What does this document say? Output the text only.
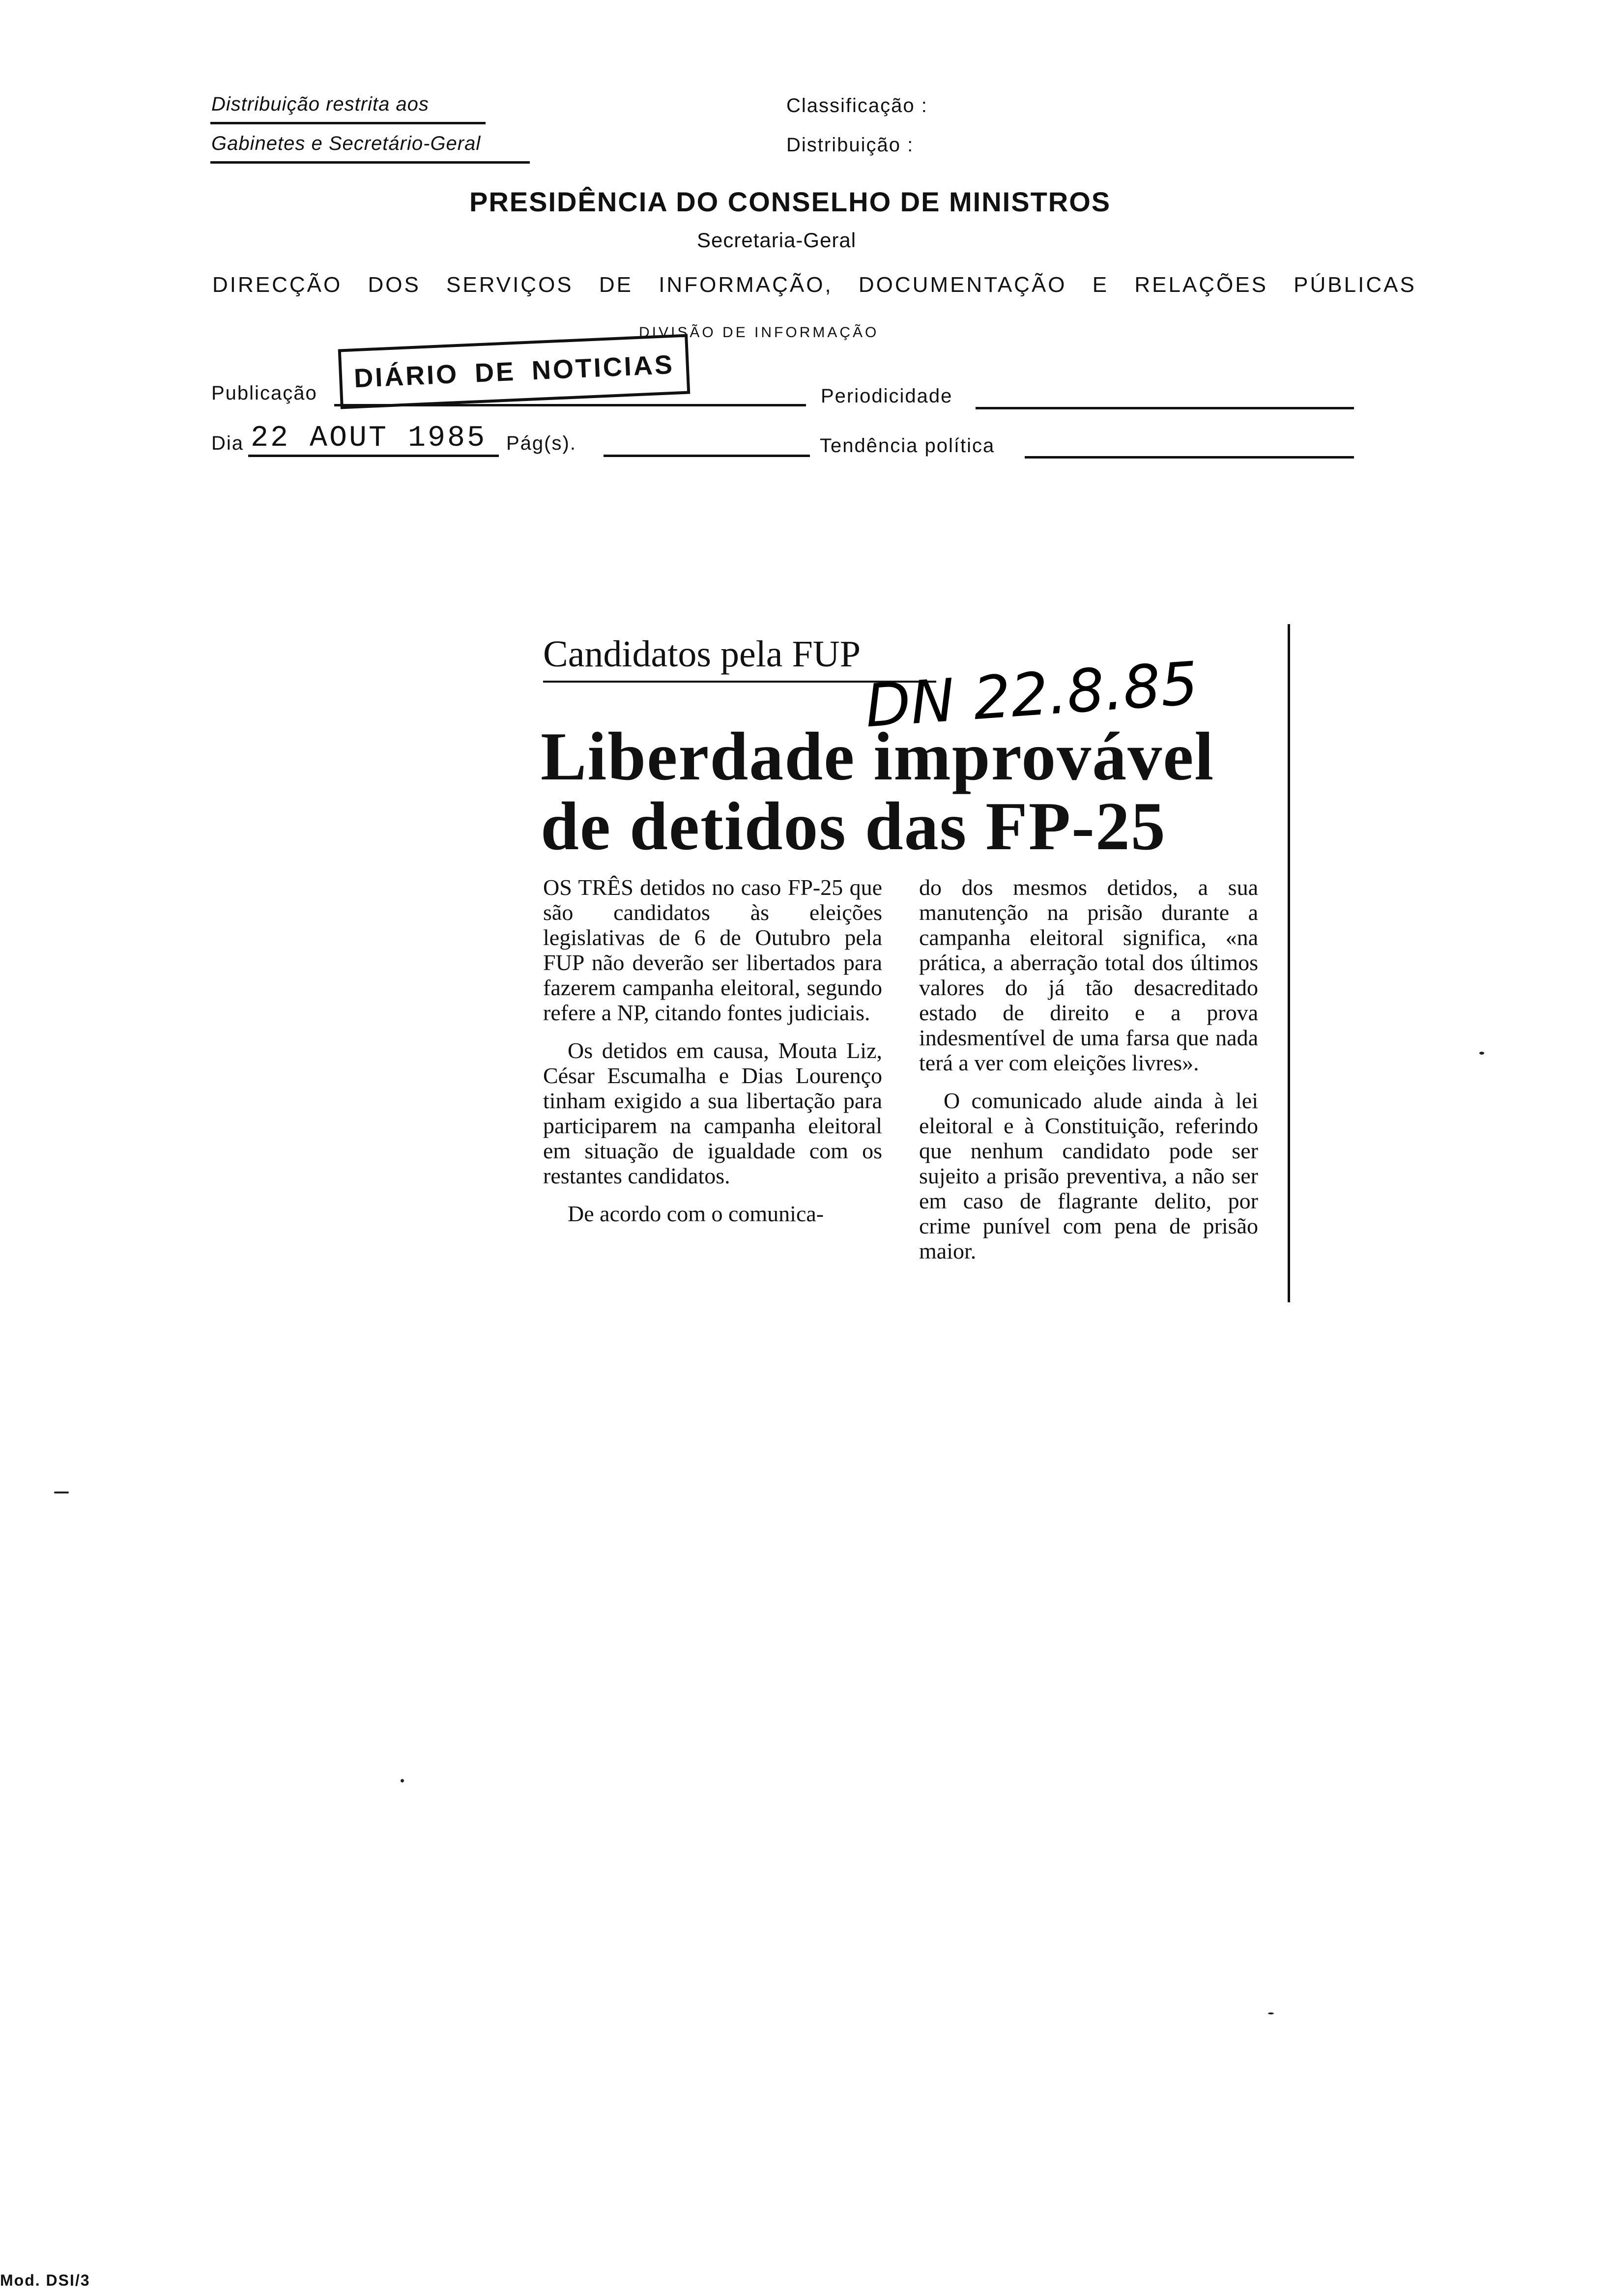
Distribuição restrita aos
Gabinetes e Secretário-Geral
Classificação :
Distribuição :
PRESIDÊNCIA DO CONSELHO DE MINISTROS
Secretaria-Geral
DIRECÇÃO DOS SERVIÇOS DE INFORMAÇÃO, DOCUMENTAÇÃO E RELAÇÕES PÚBLICAS
DIVISÃO DE INFORMAÇÃO
Publicação DIÁRIO DE NOTICIAS
Periodicidade
Dia 22 AOUT 1985 Pág(s).	Tendência política
Candidatos pela FUP DN 22.8.85
Liberdade improvável
de detidos das FP-25

OS TRÊS detidos no caso FP-25 que são candidatos às eleições legislativas de 6 de Outubro pela FUP não deverão ser libertados para fazerem campanha eleitoral, segundo refere a NP, citando fontes judiciais.

Os detidos em causa, Mouta Liz, César Escumalha e Dias Lourenço tinham exigido a sua libertação para participarem na campanha eleitoral em situação de igualdade com os restantes candidatos.

De acordo com o comunica-

do dos mesmos detidos, a sua manutenção na prisão durante a campanha eleitoral significa, «na prática, a aberração total dos últimos valores do já tão desacreditado estado de direito e a prova indesmentível de uma farsa que nada terá a ver com eleições livres».

O comunicado alude ainda à lei eleitoral e à Constituição, referindo que nenhum candidato pode ser sujeito a prisão preventiva, a não ser em caso de flagrante delito, por crime punível com pena de prisão maior.

Mod. DSI/3
